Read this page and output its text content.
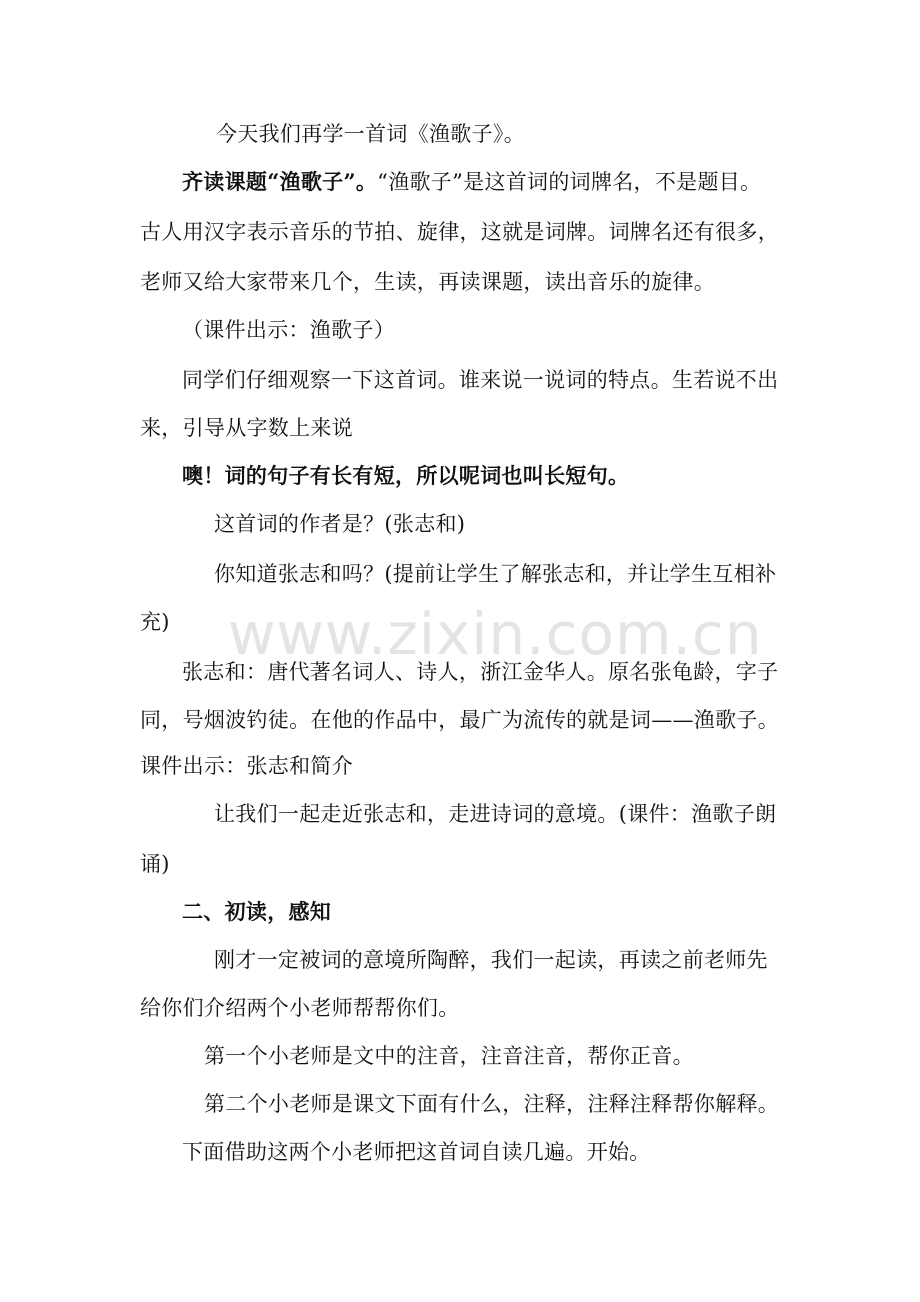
www.zixin.com.cn
今天我们再学一首词《渔歌子》。
齐读课题“渔歌子”。“渔歌子”是这首词的词牌名，不是题目。
古人用汉字表示音乐的节拍、旋律，这就是词牌。词牌名还有很多，
老师又给大家带来几个，生读，再读课题，读出音乐的旋律。
（课件出示：渔歌子）
同学们仔细观察一下这首词。谁来说一说词的特点。生若说不出
来，引导从字数上来说
噢！词的句子有长有短，所以呢词也叫长短句。
这首词的作者是？(张志和)
你知道张志和吗？(提前让学生了解张志和，并让学生互相补
充)
张志和：唐代著名词人、诗人，浙江金华人。原名张龟龄，字子
同，号烟波钓徒。在他的作品中，最广为流传的就是词——渔歌子。
课件出示：张志和简介
让我们一起走近张志和，走进诗词的意境。(课件：渔歌子朗
诵)
二、初读，感知
刚才一定被词的意境所陶醉，我们一起读，再读之前老师先
给你们介绍两个小老师帮帮你们。
第一个小老师是文中的注音，注音注音，帮你正音。
第二个小老师是课文下面有什么，注释，注释注释帮你解释。
下面借助这两个小老师把这首词自读几遍。开始。
